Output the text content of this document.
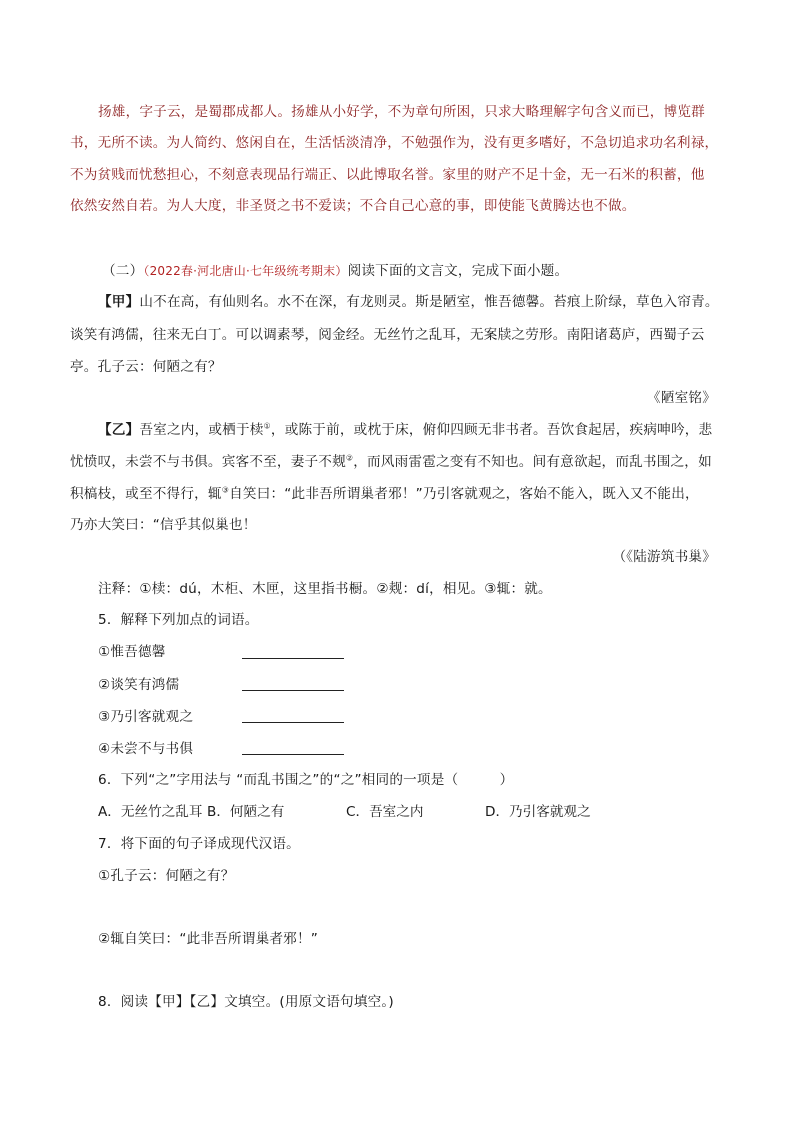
扬雄，字子云，是蜀郡成都人。扬雄从小好学，不为章句所困，只求大略理解字句含义而已，博览群
书，无所不读。为人简约、悠闲自在，生活恬淡清净，不勉强作为，没有更多嗜好，不急切追求功名利禄，
不为贫贱而忧愁担心，不刻意表现品行端正、以此博取名誉。家里的财产不足十金，无一石米的积蓄，他
依然安然自若。为人大度，非圣贤之书不爱读；不合自己心意的事，即使能飞黄腾达也不做。
（二）（2022春·河北唐山·七年级统考期末）阅读下面的文言文，完成下面小题。
【甲】山不在高，有仙则名。水不在深，有龙则灵。斯是陋室，惟吾德馨。苔痕上阶绿，草色入帘青。
谈笑有鸿儒，往来无白丁。可以调素琴，阅金经。无丝竹之乱耳，无案牍之劳形。南阳诸葛庐，西蜀子云
亭。孔子云：何陋之有？
《陋室铭》
【乙】吾室之内，或栖于椟①，或陈于前，或枕于床，俯仰四顾无非书者。吾饮食起居，疾病呻吟，悲
忧愤叹，未尝不与书俱。宾客不至，妻子不觌②，而风雨雷雹之变有不知也。间有意欲起，而乱书围之，如
积槁枝，或至不得行，辄③自笑曰：“此非吾所谓巢者邪！”乃引客就观之，客始不能入，既入又不能出，
乃亦大笑曰：“信乎其似巢也！
（《陆游筑书巢》
注释：①椟：dú，木柜、木匣，这里指书橱。②觌：dí，相见。③辄：就。
5．解释下列加点的词语。
①惟吾德馨
②谈笑有鸿儒
③乃引客就观之
④未尝不与书俱
6．下列“之”字用法与 “而乱书围之”的“之”相同的一项是（　　　）
A．无丝竹之乱耳 B．何陋之有	C．吾室之内	D．乃引客就观之
7．将下面的句子译成现代汉语。
①孔子云：何陋之有？
②辄自笑曰：“此非吾所谓巢者邪！”
8．阅读【甲】【乙】文填空。(用原文语句填空。)
